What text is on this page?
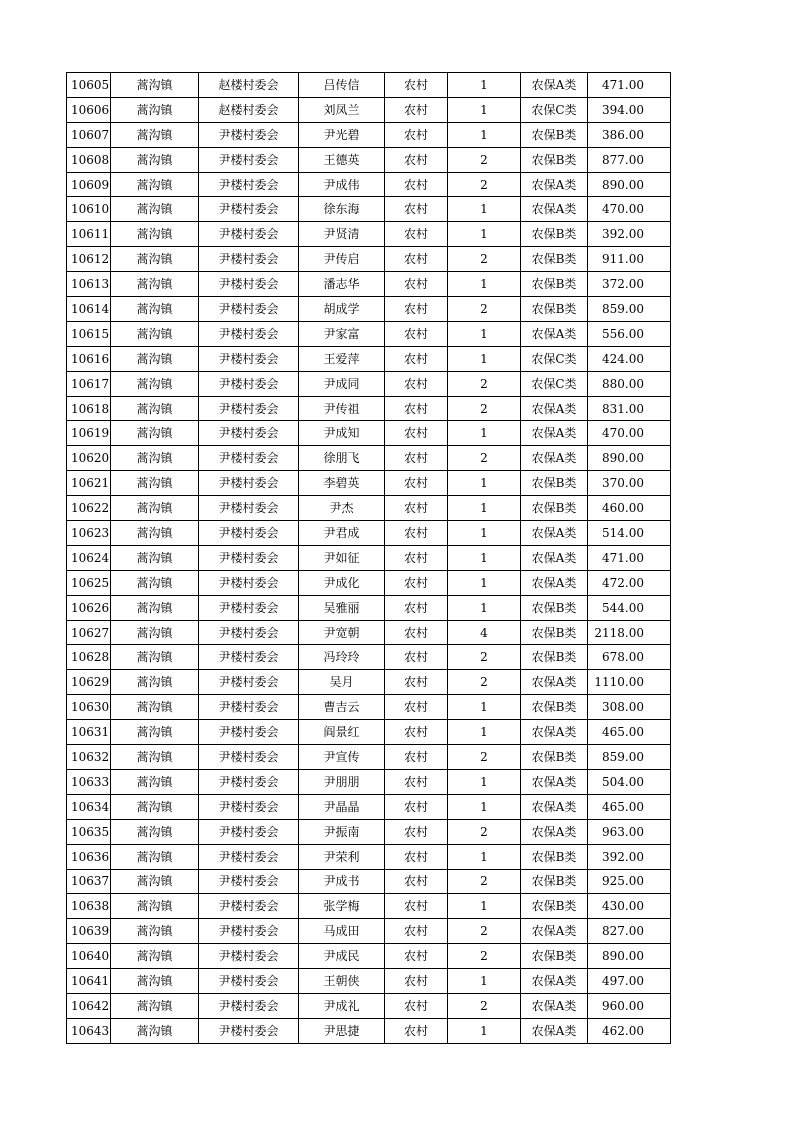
10605	蒿沟镇	赵楼村委会	吕传信	农村	1	农保A类	471.00
10606	蒿沟镇	赵楼村委会	刘凤兰	农村	1	农保C类	394.00
10607	蒿沟镇	尹楼村委会	尹光碧	农村	1	农保B类	386.00
10608	蒿沟镇	尹楼村委会	王德英	农村	2	农保B类	877.00
10609	蒿沟镇	尹楼村委会	尹成伟	农村	2	农保A类	890.00
10610	蒿沟镇	尹楼村委会	徐东海	农村	1	农保A类	470.00
10611	蒿沟镇	尹楼村委会	尹贤清	农村	1	农保B类	392.00
10612	蒿沟镇	尹楼村委会	尹传启	农村	2	农保B类	911.00
10613	蒿沟镇	尹楼村委会	潘志华	农村	1	农保B类	372.00
10614	蒿沟镇	尹楼村委会	胡成学	农村	2	农保B类	859.00
10615	蒿沟镇	尹楼村委会	尹家富	农村	1	农保A类	556.00
10616	蒿沟镇	尹楼村委会	王爱萍	农村	1	农保C类	424.00
10617	蒿沟镇	尹楼村委会	尹成同	农村	2	农保C类	880.00
10618	蒿沟镇	尹楼村委会	尹传祖	农村	2	农保A类	831.00
10619	蒿沟镇	尹楼村委会	尹成知	农村	1	农保A类	470.00
10620	蒿沟镇	尹楼村委会	徐朋飞	农村	2	农保A类	890.00
10621	蒿沟镇	尹楼村委会	李碧英	农村	1	农保B类	370.00
10622	蒿沟镇	尹楼村委会	尹杰	农村	1	农保B类	460.00
10623	蒿沟镇	尹楼村委会	尹君成	农村	1	农保A类	514.00
10624	蒿沟镇	尹楼村委会	尹如征	农村	1	农保A类	471.00
10625	蒿沟镇	尹楼村委会	尹成化	农村	1	农保A类	472.00
10626	蒿沟镇	尹楼村委会	吴雅丽	农村	1	农保B类	544.00
10627	蒿沟镇	尹楼村委会	尹宽朝	农村	4	农保B类	2118.00
10628	蒿沟镇	尹楼村委会	冯玲玲	农村	2	农保B类	678.00
10629	蒿沟镇	尹楼村委会	吴月	农村	2	农保A类	1110.00
10630	蒿沟镇	尹楼村委会	曹吉云	农村	1	农保B类	308.00
10631	蒿沟镇	尹楼村委会	阎景红	农村	1	农保A类	465.00
10632	蒿沟镇	尹楼村委会	尹宣传	农村	2	农保B类	859.00
10633	蒿沟镇	尹楼村委会	尹朋朋	农村	1	农保A类	504.00
10634	蒿沟镇	尹楼村委会	尹晶晶	农村	1	农保A类	465.00
10635	蒿沟镇	尹楼村委会	尹振南	农村	2	农保A类	963.00
10636	蒿沟镇	尹楼村委会	尹荣利	农村	1	农保B类	392.00
10637	蒿沟镇	尹楼村委会	尹成书	农村	2	农保B类	925.00
10638	蒿沟镇	尹楼村委会	张学梅	农村	1	农保B类	430.00
10639	蒿沟镇	尹楼村委会	马成田	农村	2	农保A类	827.00
10640	蒿沟镇	尹楼村委会	尹成民	农村	2	农保B类	890.00
10641	蒿沟镇	尹楼村委会	王朝侠	农村	1	农保A类	497.00
10642	蒿沟镇	尹楼村委会	尹成礼	农村	2	农保A类	960.00
10643	蒿沟镇	尹楼村委会	尹思捷	农村	1	农保A类	462.00
